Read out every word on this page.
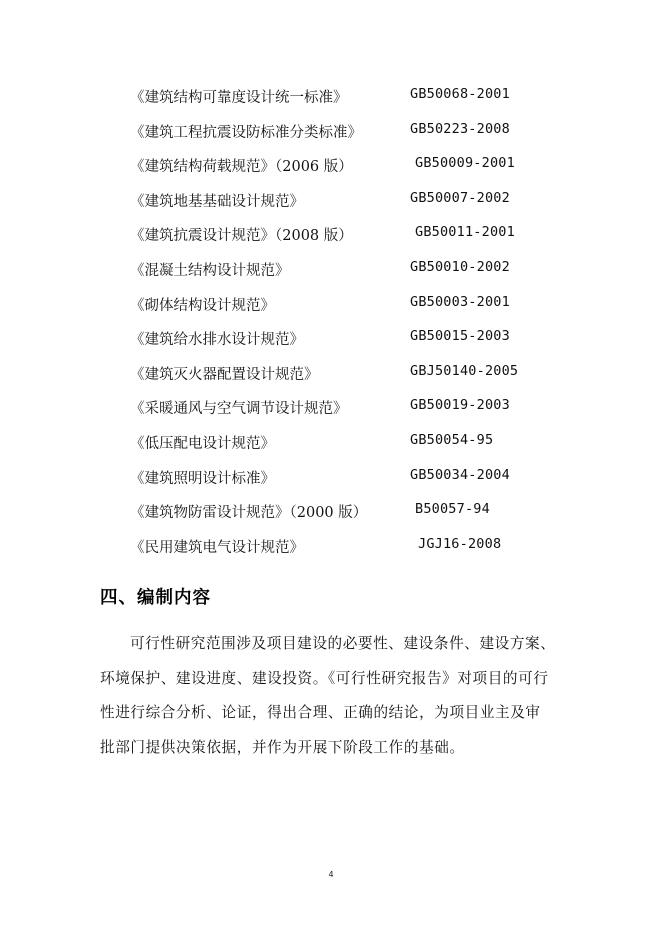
《建筑结构可靠度设计统一标准》	GB50068-2001
《建筑工程抗震设防标准分类标准》	GB50223-2008
《建筑结构荷载规范》（2006 版）	GB50009-2001
《建筑地基基础设计规范》	GB50007-2002
《建筑抗震设计规范》（2008 版）	GB50011-2001
《混凝土结构设计规范》	GB50010-2002
《砌体结构设计规范》	GB50003-2001
《建筑给水排水设计规范》	GB50015-2003
《建筑灭火器配置设计规范》	GBJ50140-2005
《采暖通风与空气调节设计规范》	GB50019-2003
《低压配电设计规范》	GB50054-95
《建筑照明设计标准》	GB50034-2004
《建筑物防雷设计规范》（2000 版）	B50057-94
《民用建筑电气设计规范》	JGJ16-2008
四、编制内容
可行性研究范围涉及项目建设的必要性、建设条件、建设方案、
环境保护、建设进度、建设投资。《可行性研究报告》对项目的可行
性进行综合分析、论证，得出合理、正确的结论，为项目业主及审
批部门提供决策依据，并作为开展下阶段工作的基础。
4
